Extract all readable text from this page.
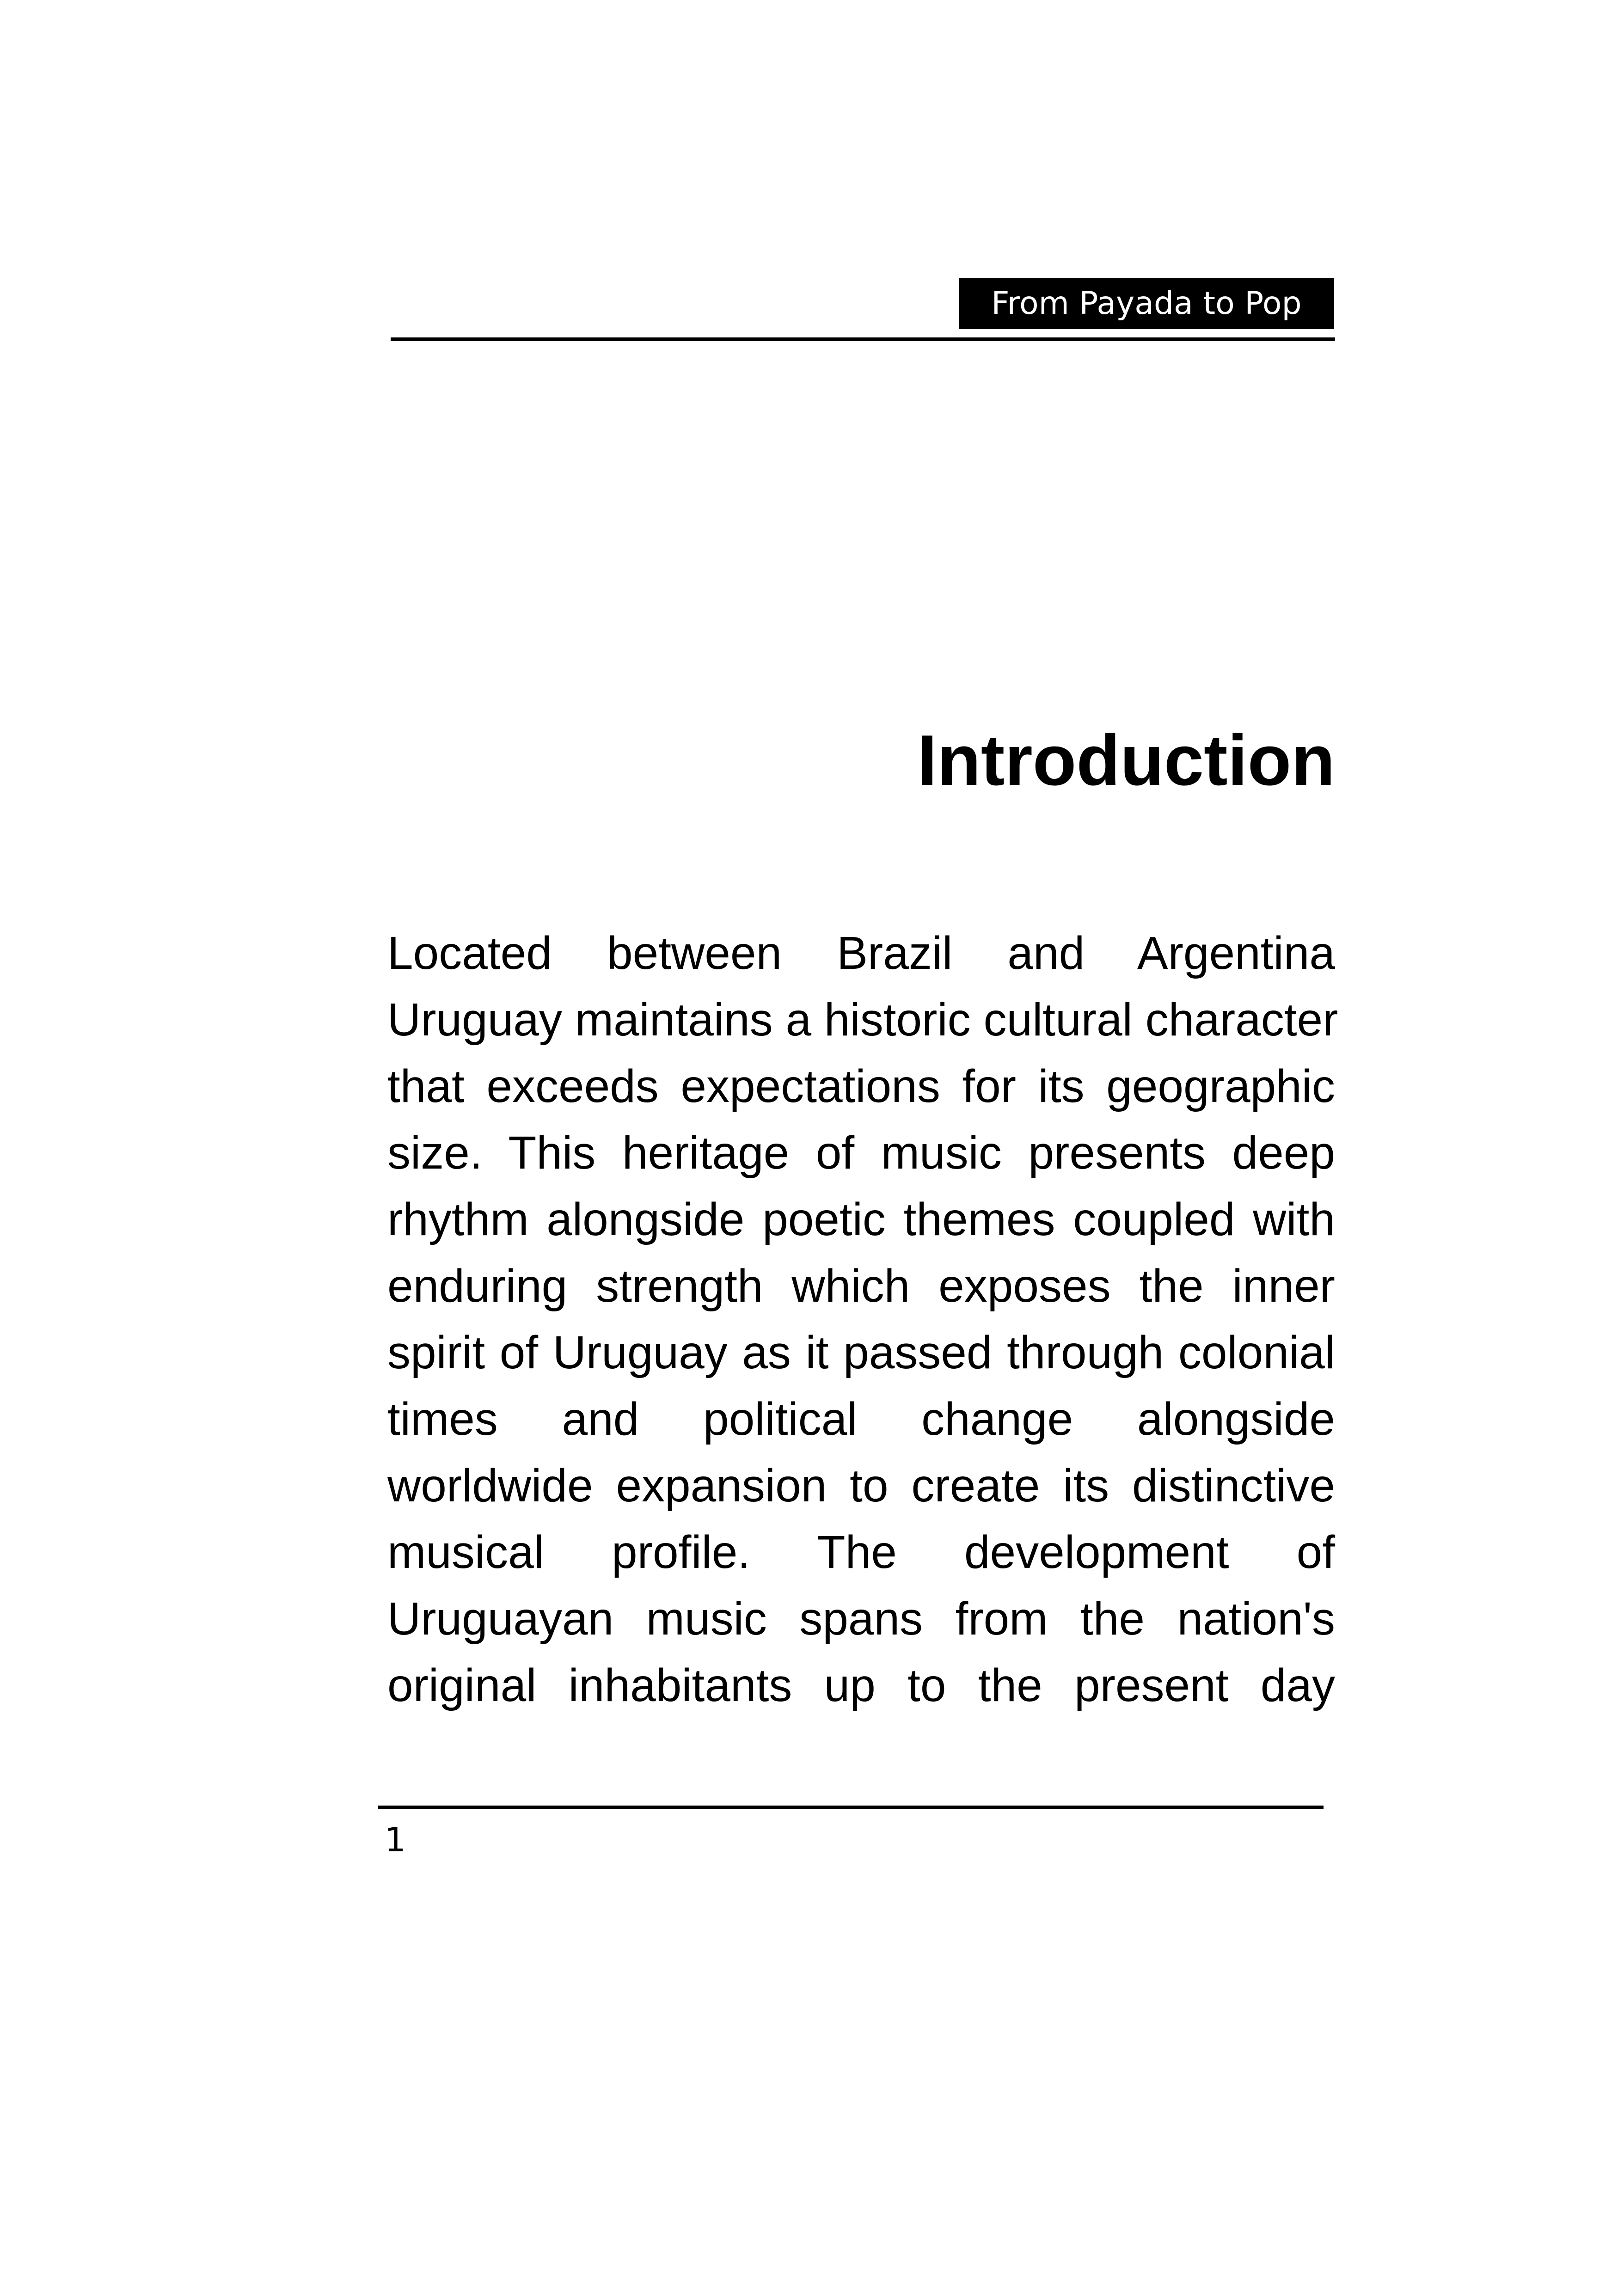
From Payada to Pop
Introduction
Located between Brazil and Argentina
Uruguay maintains a historic cultural character
that exceeds expectations for its geographic
size. This heritage of music presents deep
rhythm alongside poetic themes coupled with
enduring strength which exposes the inner
spirit of Uruguay as it passed through colonial
times and political change alongside
worldwide expansion to create its distinctive
musical profile. The development of
Uruguayan music spans from the nation's
original inhabitants up to the present day
1
